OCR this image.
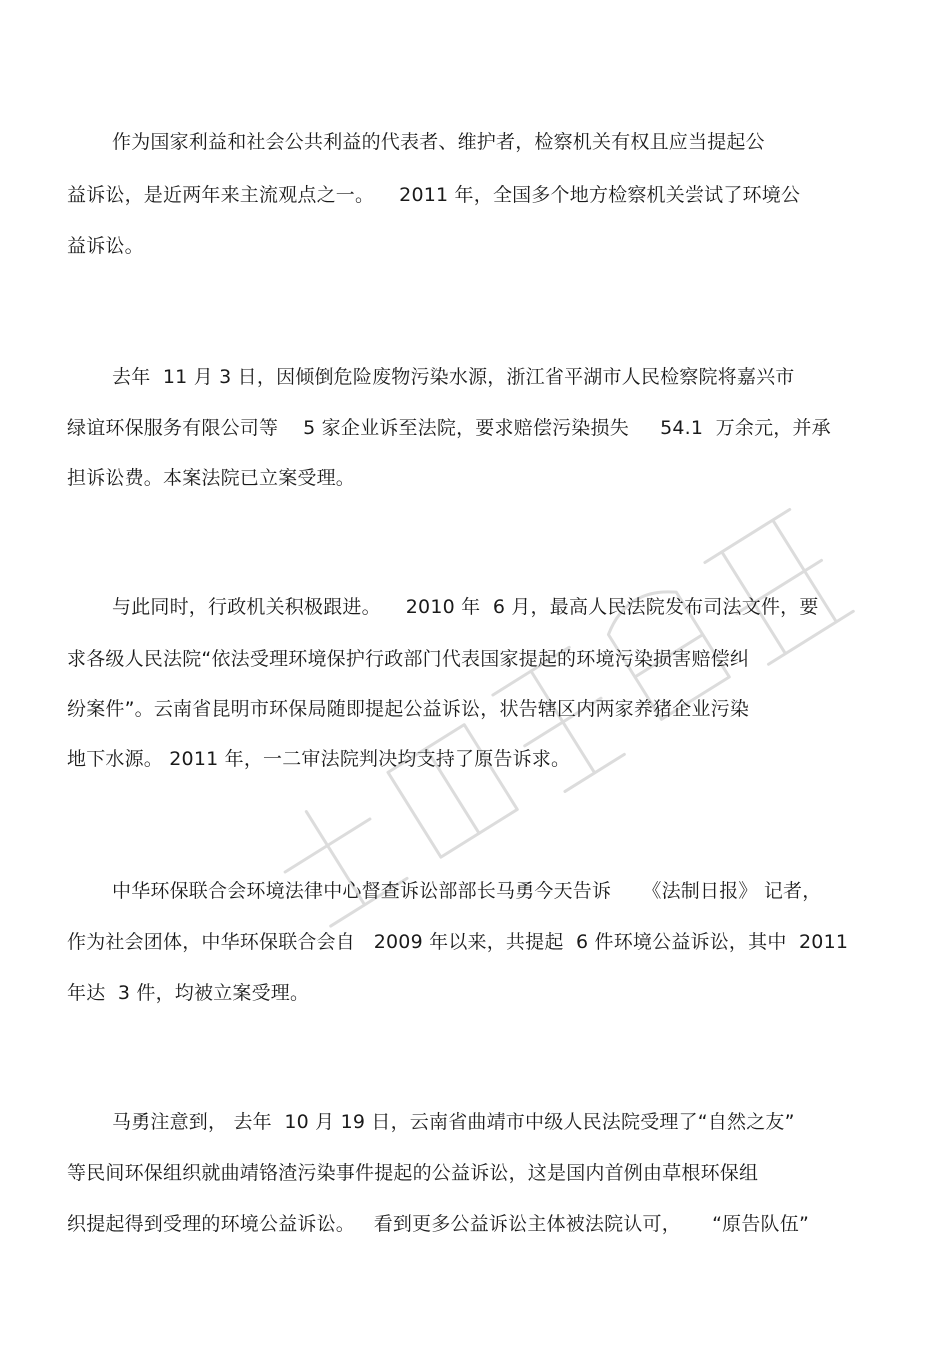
作为国家利益和社会公共利益的代表者、维护者，检察机关有权且应当提起公
益诉讼，是近两年来主流观点之一。    2011 年，全国多个地方检察机关尝试了环境公
益诉讼。
去年  11 月 3 日，因倾倒危险废物污染水源，浙江省平湖市人民检察院将嘉兴市
绿谊环保服务有限公司等    5 家企业诉至法院，要求赔偿污染损失     54.1  万余元，并承
担诉讼费。本案法院已立案受理。
与此同时，行政机关积极跟进。    2010 年  6 月，最高人民法院发布司法文件，要
求各级人民法院“依法受理环境保护行政部门代表国家提起的环境污染损害赔偿纠
纷案件”。云南省昆明市环保局随即提起公益诉讼，状告辖区内两家养猪企业污染
地下水源。 2011 年，一二审法院判决均支持了原告诉求。
中华环保联合会环境法律中心督查诉讼部部长马勇今天告诉     《法制日报》 记者，
作为社会团体，中华环保联合会自   2009 年以来，共提起  6 件环境公益诉讼，其中  2011
年达  3 件，均被立案受理。
马勇注意到， 去年  10 月 19 日，云南省曲靖市中级人民法院受理了“自然之友”
等民间环保组织就曲靖铬渣污染事件提起的公益诉讼，这是国内首例由草根环保组
织提起得到受理的环境公益诉讼。   看到更多公益诉讼主体被法院认可，     “原告队伍”
